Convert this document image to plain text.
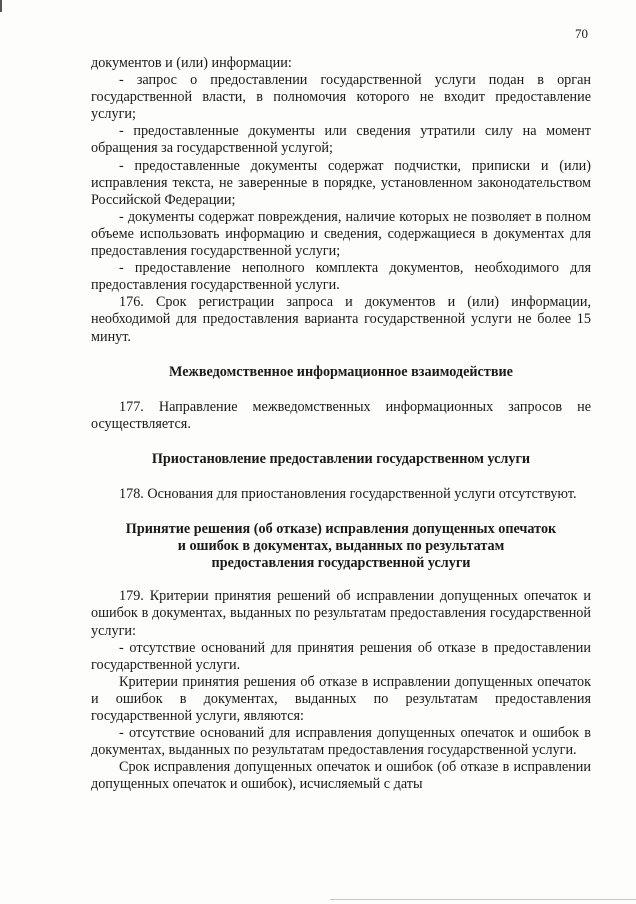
70

документов и (или) информации:

- запрос о предоставлении государственной услуги подан в орган государственной власти, в полномочия которого не входит предоставление услуги;

- предоставленные документы или сведения утратили силу на момент обращения за государственной услугой;

- предоставленные документы содержат подчистки, приписки и (или) исправления текста, не заверенные в порядке, установленном законодательством Российской Федерации;

- документы содержат повреждения, наличие которых не позволяет в полном объеме использовать информацию и сведения, содержащиеся в документах для предоставления государственной услуги;

- предоставление неполного комплекта документов, необходимого для предоставления государственной услуги.

176. Срок регистрации запроса и документов и (или) информации, необходимой для предоставления варианта государственной услуги не более 15 минут.

Межведомственное информационное взаимодействие

177. Направление межведомственных информационных запросов не осуществляется.

Приостановление предоставлении государственном услуги

178. Основания для приостановления государственной услуги отсутствуют.

Принятие решения (об отказе) исправления допущенных опечаток
и ошибок в документах, выданных по результатам
предоставления государственной услуги

179. Критерии принятия решений об исправлении допущенных опечаток и ошибок в документах, выданных по результатам предоставления государственной услуги:

- отсутствие оснований для принятия решения об отказе в предоставлении государственной услуги.

Критерии принятия решения об отказе в исправлении допущенных опечаток и ошибок в документах, выданных по результатам предоставления государственной услуги, являются:

- отсутствие оснований для исправления допущенных опечаток и ошибок в документах, выданных по результатам предоставления государственной услуги.

Срок исправления допущенных опечаток и ошибок (об отказе в исправлении допущенных опечаток и ошибок), исчисляемый с даты
